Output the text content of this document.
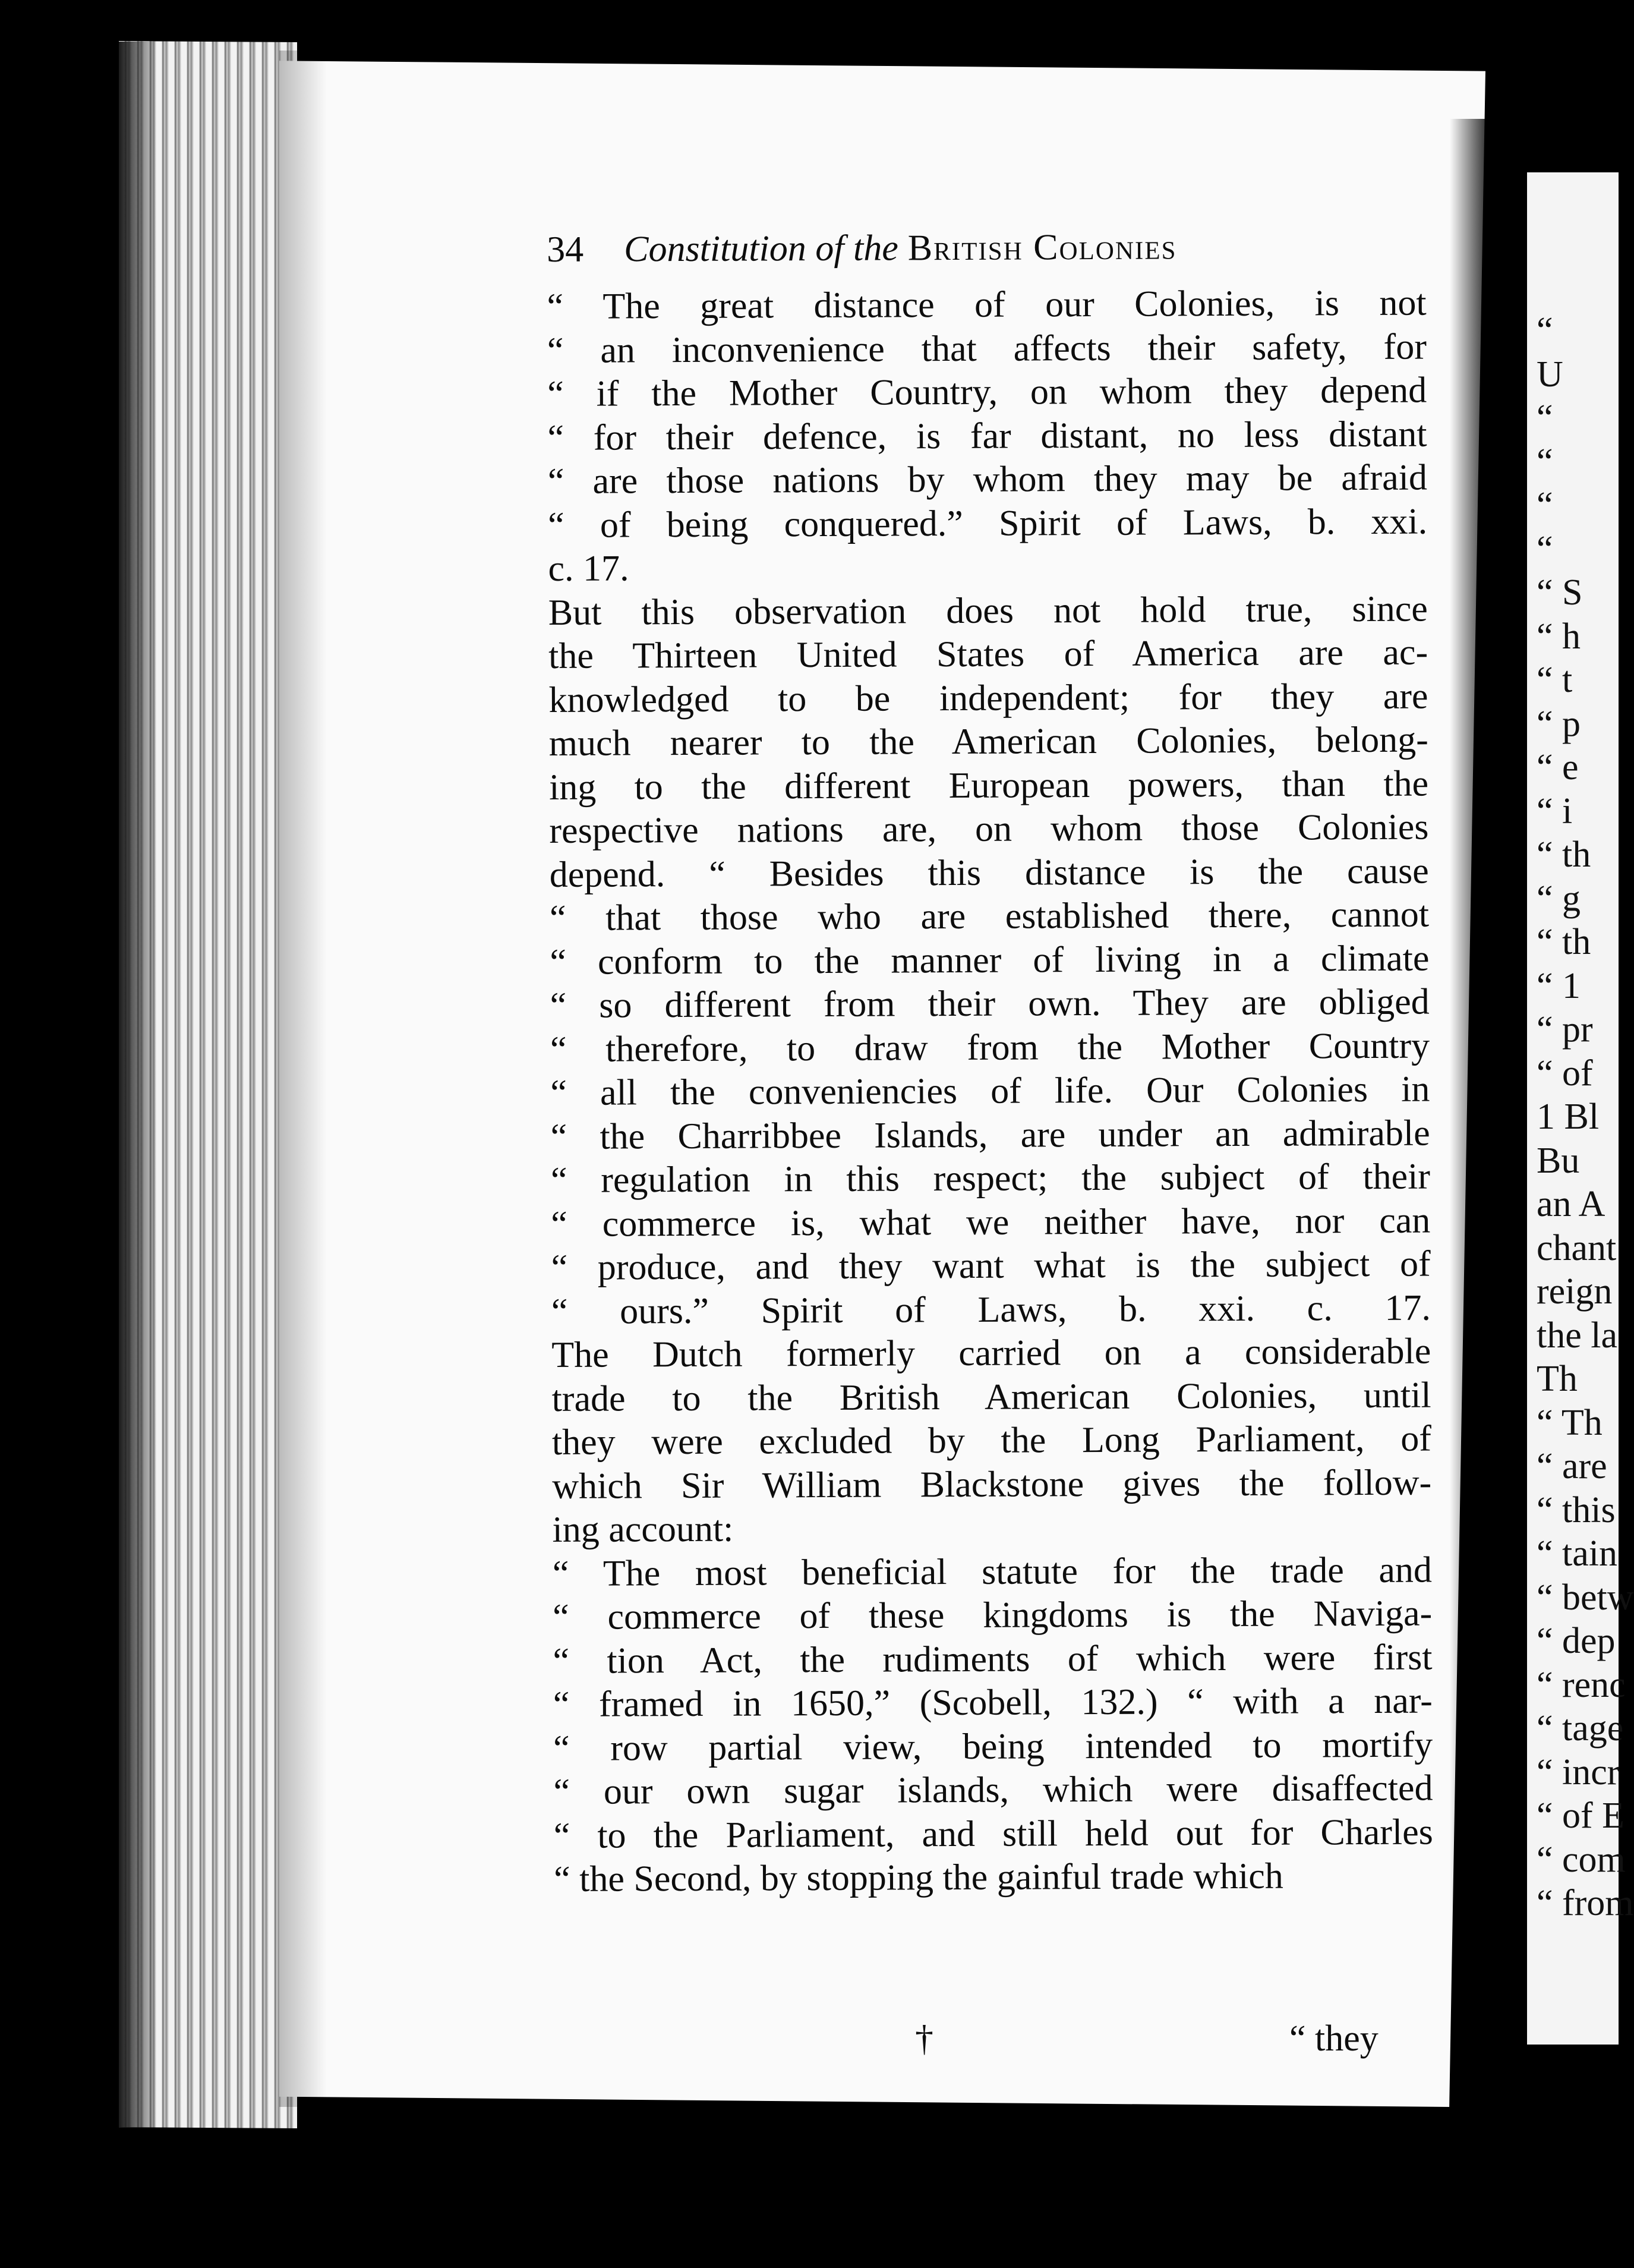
34	Constitution of the British Colonies
“ The great distance of our Colonies, is not
“ an inconvenience that affects their safety, for
“ if the Mother Country, on whom they depend
“ for their defence, is far distant, no less distant
“ are those nations by whom they may be afraid
“ of being conquered.” Spirit of Laws, b. xxi.
c. 17.
But this observation does not hold true, since
the Thirteen United States of America are ac-
knowledged to be independent; for they are
much nearer to the American Colonies, belong-
ing to the different European powers, than the
respective nations are, on whom those Colonies
depend. “ Besides this distance is the cause
“ that those who are established there, cannot
“ conform to the manner of living in a climate
“ so different from their own. They are obliged
“ therefore, to draw from the Mother Country
“ all the conveniencies of life. Our Colonies in
“ the Charribbee Islands, are under an admirable
“ regulation in this respect; the subject of their
“ commerce is, what we neither have, nor can
“ produce, and they want what is the subject of
“ ours.” Spirit of Laws, b. xxi. c. 17.
The Dutch formerly carried on a considerable
trade to the British American Colonies, until
they were excluded by the Long Parliament, of
which Sir William Blackstone gives the follow-
ing account:
“ The most beneficial statute for the trade and
“ commerce of these kingdoms is the Naviga-
“ tion Act, the rudiments of which were first
“ framed in 1650,” (Scobell, 132.) “ with a nar-
“ row partial view, being intended to mortify
“ our own sugar islands, which were disaffected
“ to the Parliament, and still held out for Charles
“ the Second, by stopping the gainful trade which
†	“ they
“
U
“
“
“
“
“ S
“ h
“ t
“ p
“ e
“ i
“ th
“ g
“ th
“ 1
“ pr
“ of
1 Bl
Bu
an A
chant
reign
the la
Th
“ Th
“ are
“ this
“ tain
“ betw
“ dep
“ renc
“ tage
“ incr
“ of E
“ com
“ from
